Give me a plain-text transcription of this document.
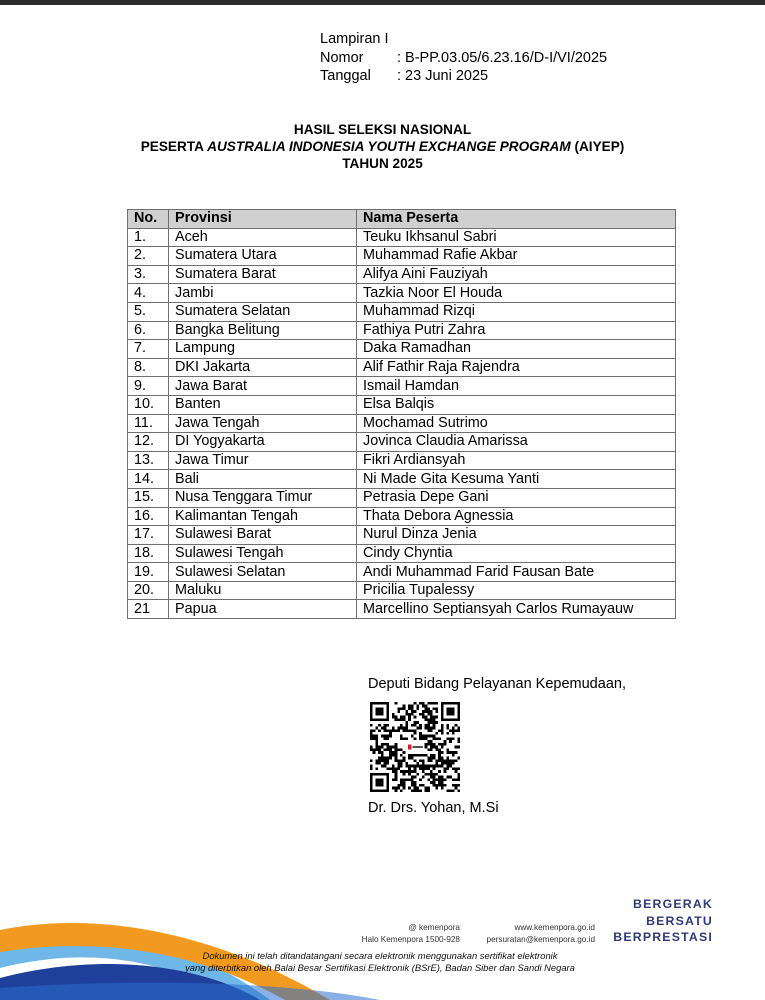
Lampiran I
Nomor	: B-PP.03.05/6.23.16/D-I/VI/2025
Tanggal	: 23 Juni 2025
HASIL SELEKSI NASIONAL
PESERTA AUSTRALIA INDONESIA YOUTH EXCHANGE PROGRAM (AIYEP)
TAHUN 2025
No.	Provinsi	Nama Peserta
1.	Aceh	Teuku Ikhsanul Sabri
2.	Sumatera Utara	Muhammad Rafie Akbar
3.	Sumatera Barat	Alifya Aini Fauziyah
4.	Jambi	Tazkia Noor El Houda
5.	Sumatera Selatan	Muhammad Rizqi
6.	Bangka Belitung	Fathiya Putri Zahra
7.	Lampung	Daka Ramadhan
8.	DKI Jakarta	Alif Fathir Raja Rajendra
9.	Jawa Barat	Ismail Hamdan
10.	Banten	Elsa Balqis
11.	Jawa Tengah	Mochamad Sutrimo
12.	DI Yogyakarta	Jovinca Claudia Amarissa
13.	Jawa Timur	Fikri Ardiansyah
14.	Bali	Ni Made Gita Kesuma Yanti
15.	Nusa Tenggara Timur	Petrasia Depe Gani
16.	Kalimantan Tengah	Thata Debora Agnessia
17.	Sulawesi Barat	Nurul Dinza Jenia
18.	Sulawesi Tengah	Cindy Chyntia
19.	Sulawesi Selatan	Andi Muhammad Farid Fausan Bate
20.	Maluku	Pricilia Tupalessy
21	Papua	Marcellino Septiansyah Carlos Rumayauw
Deputi Bidang Pelayanan Kepemudaan,
Dr. Drs. Yohan, M.Si
@ kemenpora
Halo Kemenpora 1500-928
www.kemenpora.go.id
persuratan@kemenpora.go.id
Dokumen ini telah ditandatangani secara elektronik menggunakan sertifikat elektronik
yang diterbitkan oleh Balai Besar Sertifikasi Elektronik (BSrE), Badan Siber dan Sandi Negara
BERGERAK
BERSATU
BERPRESTASI
